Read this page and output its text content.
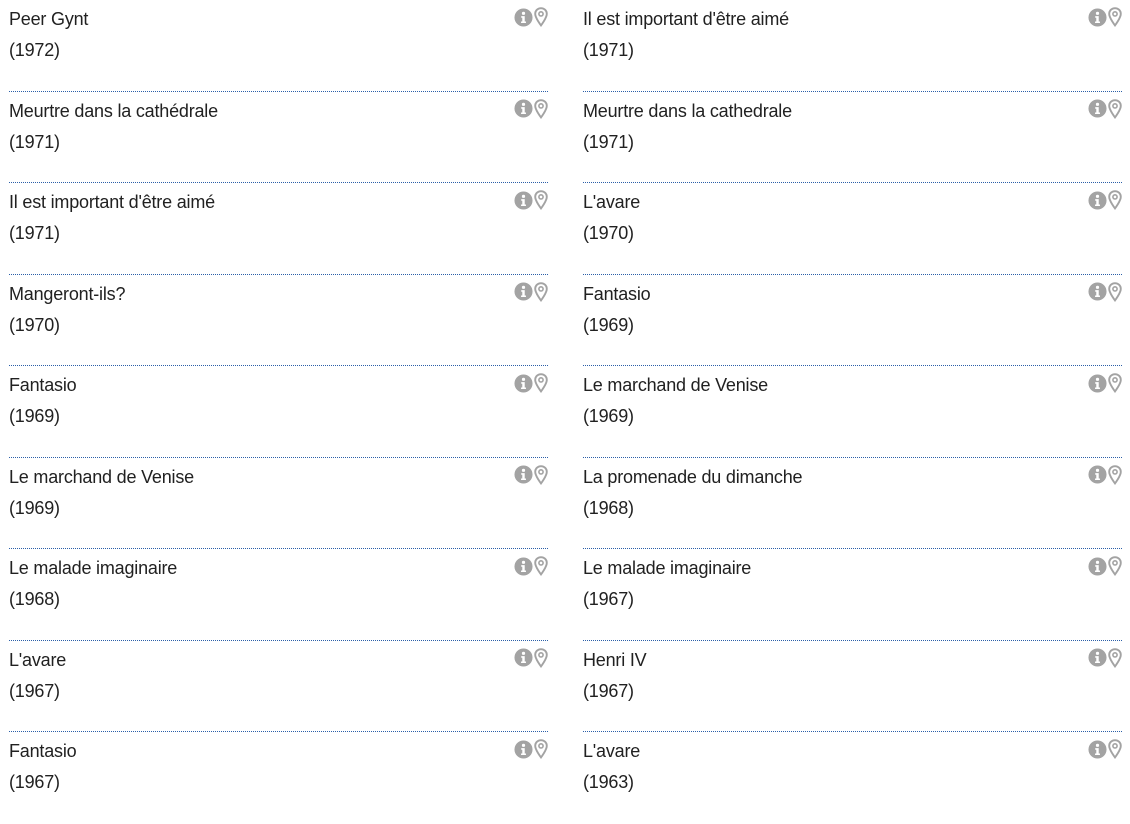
Peer Gynt
(1972)
Meurtre dans la cathédrale
(1971)
Il est important d'être aimé
(1971)
Mangeront-ils?
(1970)
Fantasio
(1969)
Le marchand de Venise
(1969)
Le malade imaginaire
(1968)
L'avare
(1967)
Fantasio
(1967)
Il est important d'être aimé
(1971)
Meurtre dans la cathedrale
(1971)
L'avare
(1970)
Fantasio
(1969)
Le marchand de Venise
(1969)
La promenade du dimanche
(1968)
Le malade imaginaire
(1967)
Henri IV
(1967)
L'avare
(1963)
